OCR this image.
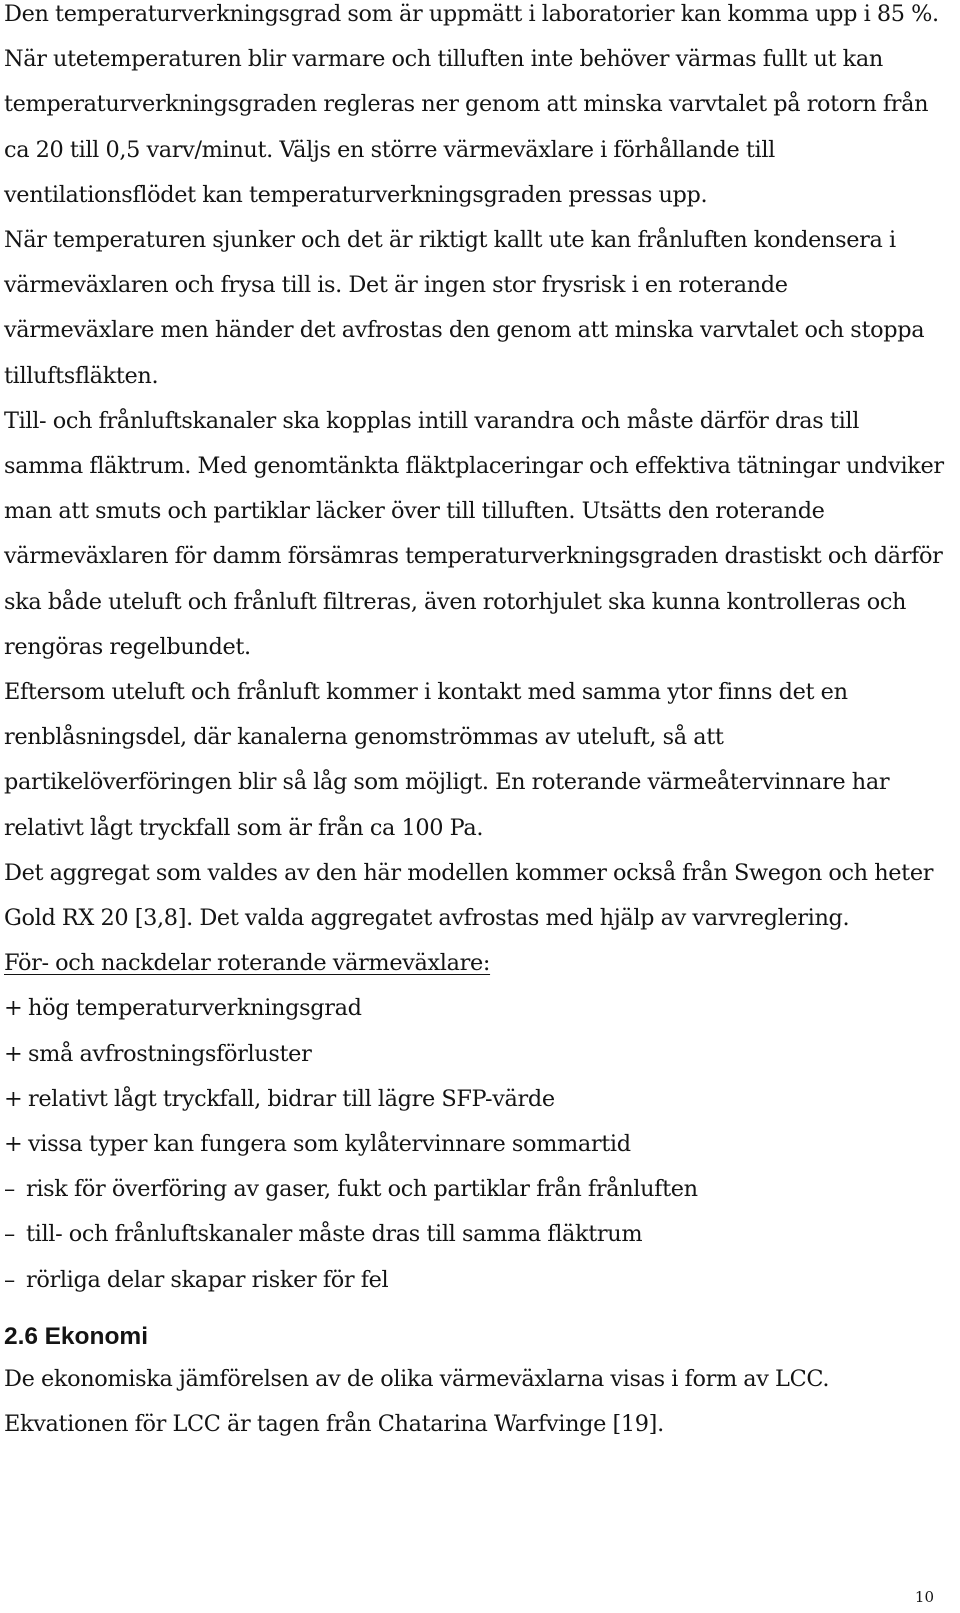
Den temperaturverkningsgrad som är uppmätt i laboratorier kan komma upp i 85 %. När utetemperaturen blir varmare och tilluften inte behöver värmas fullt ut kan temperaturverkningsgraden regleras ner genom att minska varvtalet på rotorn från ca 20 till 0,5 varv/minut. Väljs en större värmeväxlare i förhållande till ventilationsflödet kan temperaturverkningsgraden pressas upp.

När temperaturen sjunker och det är riktigt kallt ute kan frånluften kondensera i värmeväxlaren och frysa till is. Det är ingen stor frysrisk i en roterande värmeväxlare men händer det avfrostas den genom att minska varvtalet och stoppa tilluftsfläkten.

Till- och frånluftskanaler ska kopplas intill varandra och måste därför dras till samma fläktrum. Med genomtänkta fläktplaceringar och effektiva tätningar undviker man att smuts och partiklar läcker över till tilluften. Utsätts den roterande värmeväxlaren för damm försämras temperaturverkningsgraden drastiskt och därför ska både uteluft och frånluft filtreras, även rotorhjulet ska kunna kontrolleras och rengöras regelbundet.

Eftersom uteluft och frånluft kommer i kontakt med samma ytor finns det en renblåsningsdel, där kanalerna genomströmmas av uteluft, så att partikelöverföringen blir så låg som möjligt. En roterande värmeåtervinnare har relativt lågt tryckfall som är från ca 100 Pa.

Det aggregat som valdes av den här modellen kommer också från Swegon och heter Gold RX 20 [3,8]. Det valda aggregatet avfrostas med hjälp av varvreglering.

För- och nackdelar roterande värmeväxlare:

+ hög temperaturverkningsgrad
+ små avfrostningsförluster
+ relativt lågt tryckfall, bidrar till lägre SFP-värde
+ vissa typer kan fungera som kylåtervinnare sommartid
– risk för överföring av gaser, fukt och partiklar från frånluften
– till- och frånluftskanaler måste dras till samma fläktrum
– rörliga delar skapar risker för fel
2.6 Ekonomi

De ekonomiska jämförelsen av de olika värmeväxlarna visas i form av LCC. Ekvationen för LCC är tagen från Chatarina Warfvinge [19].

10
